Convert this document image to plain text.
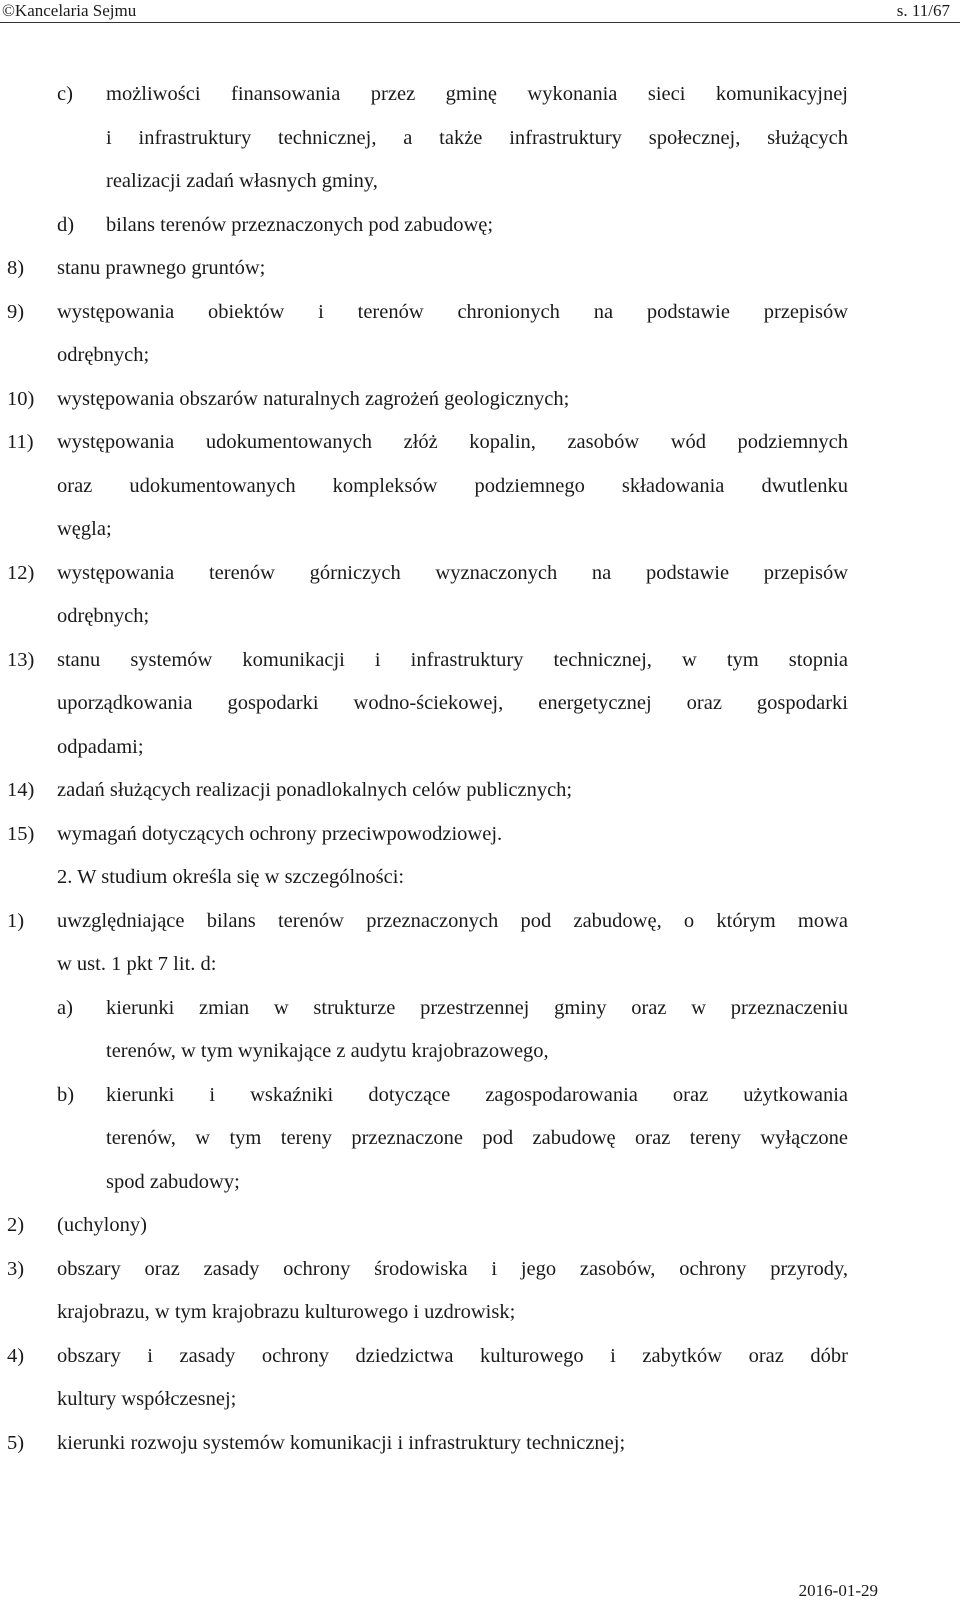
©Kancelaria Sejmu	s. 11/67
c) możliwości finansowania przez gminę wykonania sieci komunikacyjnej
i infrastruktury technicznej, a także infrastruktury społecznej, służących
realizacji zadań własnych gminy,
d) bilans terenów przeznaczonych pod zabudowę;
8) stanu prawnego gruntów;
9) występowania obiektów i terenów chronionych na podstawie przepisów
odrębnych;
10) występowania obszarów naturalnych zagrożeń geologicznych;
11) występowania udokumentowanych złóż kopalin, zasobów wód podziemnych
oraz udokumentowanych kompleksów podziemnego składowania dwutlenku
węgla;
12) występowania terenów górniczych wyznaczonych na podstawie przepisów
odrębnych;
13) stanu systemów komunikacji i infrastruktury technicznej, w tym stopnia
uporządkowania gospodarki wodno-ściekowej, energetycznej oraz gospodarki
odpadami;
14) zadań służących realizacji ponadlokalnych celów publicznych;
15) wymagań dotyczących ochrony przeciwpowodziowej.
2. W studium określa się w szczególności:
1) uwzględniające bilans terenów przeznaczonych pod zabudowę, o którym mowa
w ust. 1 pkt 7 lit. d:
a) kierunki zmian w strukturze przestrzennej gminy oraz w przeznaczeniu
terenów, w tym wynikające z audytu krajobrazowego,
b) kierunki i wskaźniki dotyczące zagospodarowania oraz użytkowania
terenów, w tym tereny przeznaczone pod zabudowę oraz tereny wyłączone
spod zabudowy;
2) (uchylony)
3) obszary oraz zasady ochrony środowiska i jego zasobów, ochrony przyrody,
krajobrazu, w tym krajobrazu kulturowego i uzdrowisk;
4) obszary i zasady ochrony dziedzictwa kulturowego i zabytków oraz dóbr
kultury współczesnej;
5) kierunki rozwoju systemów komunikacji i infrastruktury technicznej;
2016-01-29
